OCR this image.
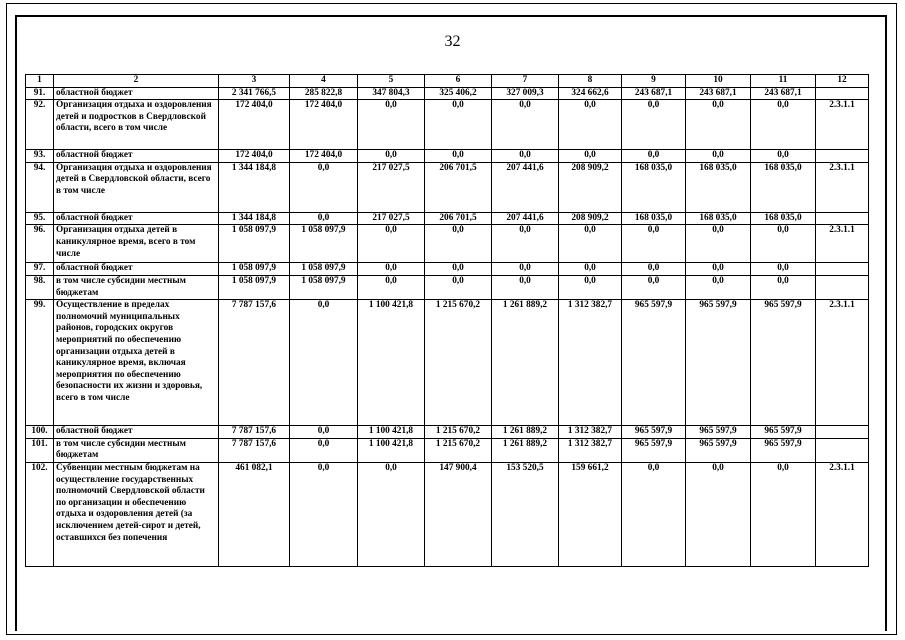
32
1	2	3	4	5	6	7	8	9	10	11	12
91.	областной бюджет	2 341 766,5	285 822,8	347 804,3	325 406,2	327 009,3	324 662,6	243 687,1	243 687,1	243 687,1	
92.	Организация отдыха и оздоровления детей и подростков в Свердловской области, всего в том числе	172 404,0	172 404,0	0,0	0,0	0,0	0,0	0,0	0,0	0,0	2.3.1.1
93.	областной бюджет	172 404,0	172 404,0	0,0	0,0	0,0	0,0	0,0	0,0	0,0	
94.	Организация отдыха и оздоровления детей в Свердловской области, всего в том числе	1 344 184,8	0,0	217 027,5	206 701,5	207 441,6	208 909,2	168 035,0	168 035,0	168 035,0	2.3.1.1
95.	областной бюджет	1 344 184,8	0,0	217 027,5	206 701,5	207 441,6	208 909,2	168 035,0	168 035,0	168 035,0	
96.	Организация отдыха детей в каникулярное время, всего в том числе	1 058 097,9	1 058 097,9	0,0	0,0	0,0	0,0	0,0	0,0	0,0	2.3.1.1
97.	областной бюджет	1 058 097,9	1 058 097,9	0,0	0,0	0,0	0,0	0,0	0,0	0,0	
98.	в том числе субсидии местным бюджетам	1 058 097,9	1 058 097,9	0,0	0,0	0,0	0,0	0,0	0,0	0,0	
99.	Осуществление в пределах полномочий муниципальных районов, городских округов мероприятий по обеспечению организации отдыха детей в каникулярное время, включая мероприятия по обеспечению безопасности их жизни и здоровья, всего в том числе	7 787 157,6	0,0	1 100 421,8	1 215 670,2	1 261 889,2	1 312 382,7	965 597,9	965 597,9	965 597,9	2.3.1.1
100.	областной бюджет	7 787 157,6	0,0	1 100 421,8	1 215 670,2	1 261 889,2	1 312 382,7	965 597,9	965 597,9	965 597,9	
101.	в том числе субсидии местным бюджетам	7 787 157,6	0,0	1 100 421,8	1 215 670,2	1 261 889,2	1 312 382,7	965 597,9	965 597,9	965 597,9	
102.	Субвенции местным бюджетам на осуществление государственных полномочий Свердловской области по организации и обеспечению отдыха и оздоровления детей (за исключением детей-сирот и детей, оставшихся без попечения	461 082,1	0,0	0,0	147 900,4	153 520,5	159 661,2	0,0	0,0	0,0	2.3.1.1
